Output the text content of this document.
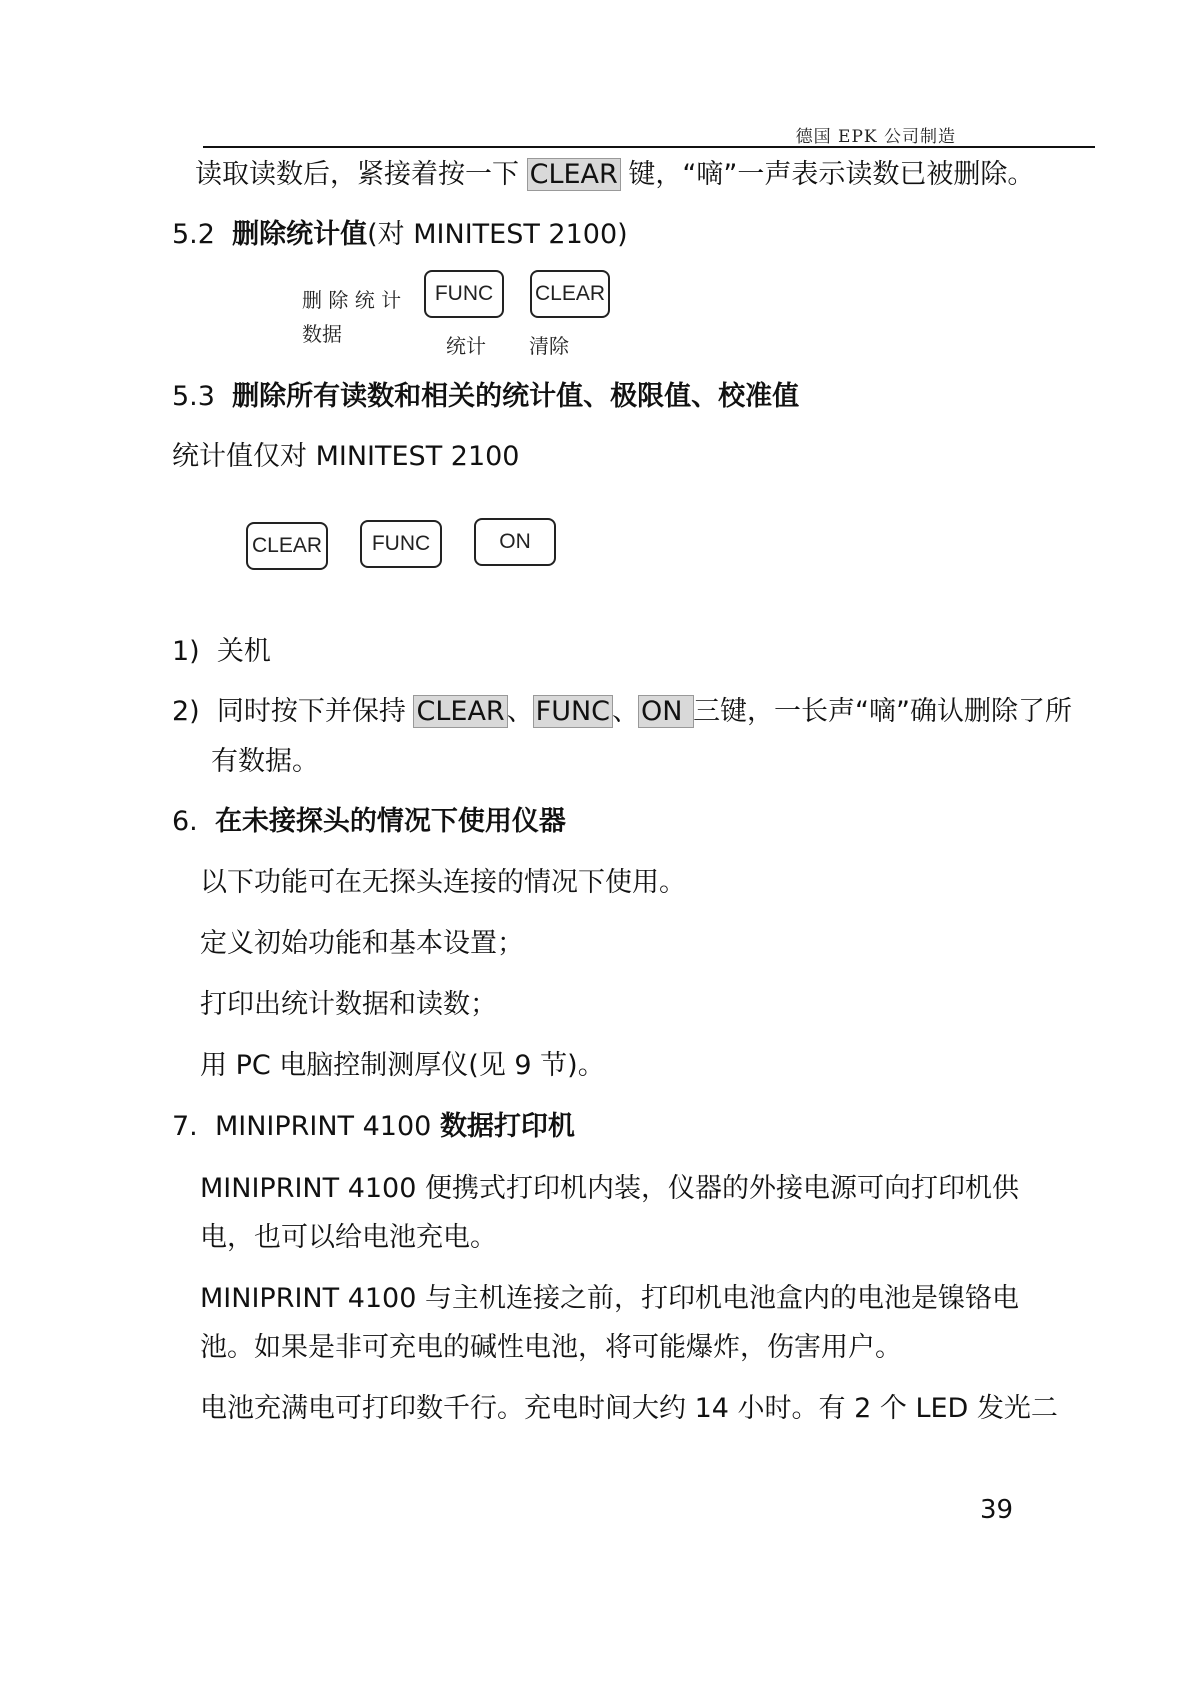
德国 EPK 公司制造
读取读数后，紧接着按一下 CLEAR 键，“嘀”一声表示读数已被删除。
5.2 删除统计值(对 MINITEST 2100)
删 除 统 计
数据
FUNC	CLEAR
统计 清除
5.3 删除所有读数和相关的统计值、极限值、校准值
统计值仅对 MINITEST 2100
CLEAR	FUNC	ON
1) 关机
2) 同时按下并保持 CLEAR、FUNC、ON 三键，一长声“嘀”确认删除了所
有数据。
6. 在未接探头的情况下使用仪器
以下功能可在无探头连接的情况下使用。
定义初始功能和基本设置；
打印出统计数据和读数；
用 PC 电脑控制测厚仪(见 9 节)。
7. MINIPRINT 4100 数据打印机
MINIPRINT 4100 便携式打印机内装，仪器的外接电源可向打印机供
电，也可以给电池充电。
MINIPRINT 4100 与主机连接之前，打印机电池盒内的电池是镍铬电
池。如果是非可充电的碱性电池，将可能爆炸，伤害用户。
电池充满电可打印数千行。充电时间大约 14 小时。有 2 个 LED 发光二
39
